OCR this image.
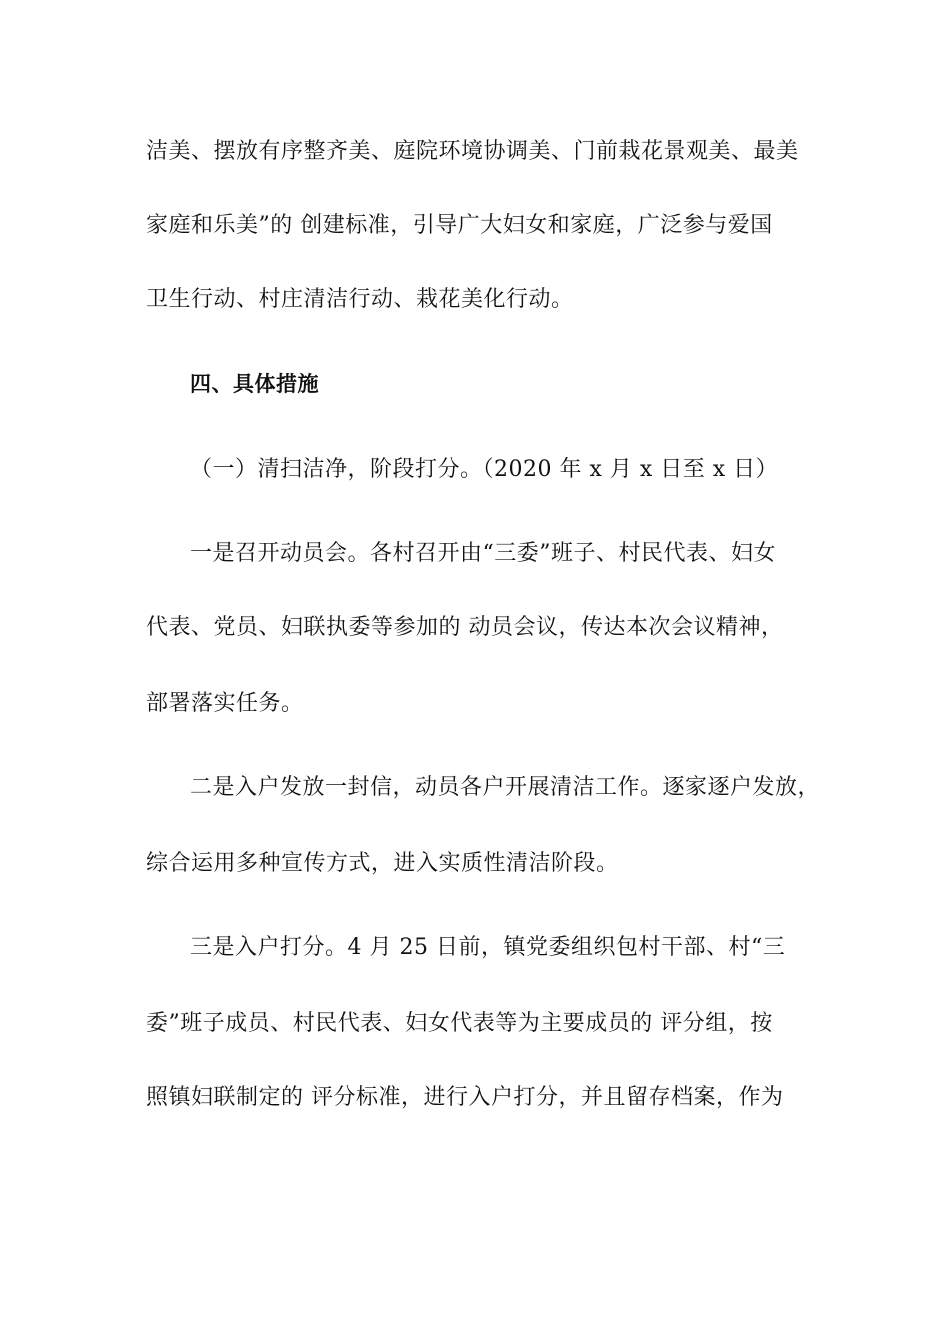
洁美、摆放有序整齐美、庭院环境协调美、门前栽花景观美、最美
家庭和乐美”的 创建标准，引导广大妇女和家庭，广泛参与爱国
卫生行动、村庄清洁行动、栽花美化行动。
四、具体措施
（一）清扫洁净，阶段打分。（2020 年 x 月 x 日至 x 日）
一是召开动员会。各村召开由“三委”班子、村民代表、妇女
代表、党员、妇联执委等参加的 动员会议，传达本次会议精神，
部署落实任务。
二是入户发放一封信，动员各户开展清洁工作。逐家逐户发放，
综合运用多种宣传方式，进入实质性清洁阶段。
三是入户打分。4 月 25 日前，镇党委组织包村干部、村“三
委”班子成员、村民代表、妇女代表等为主要成员的 评分组，按
照镇妇联制定的 评分标准，进行入户打分，并且留存档案，作为
